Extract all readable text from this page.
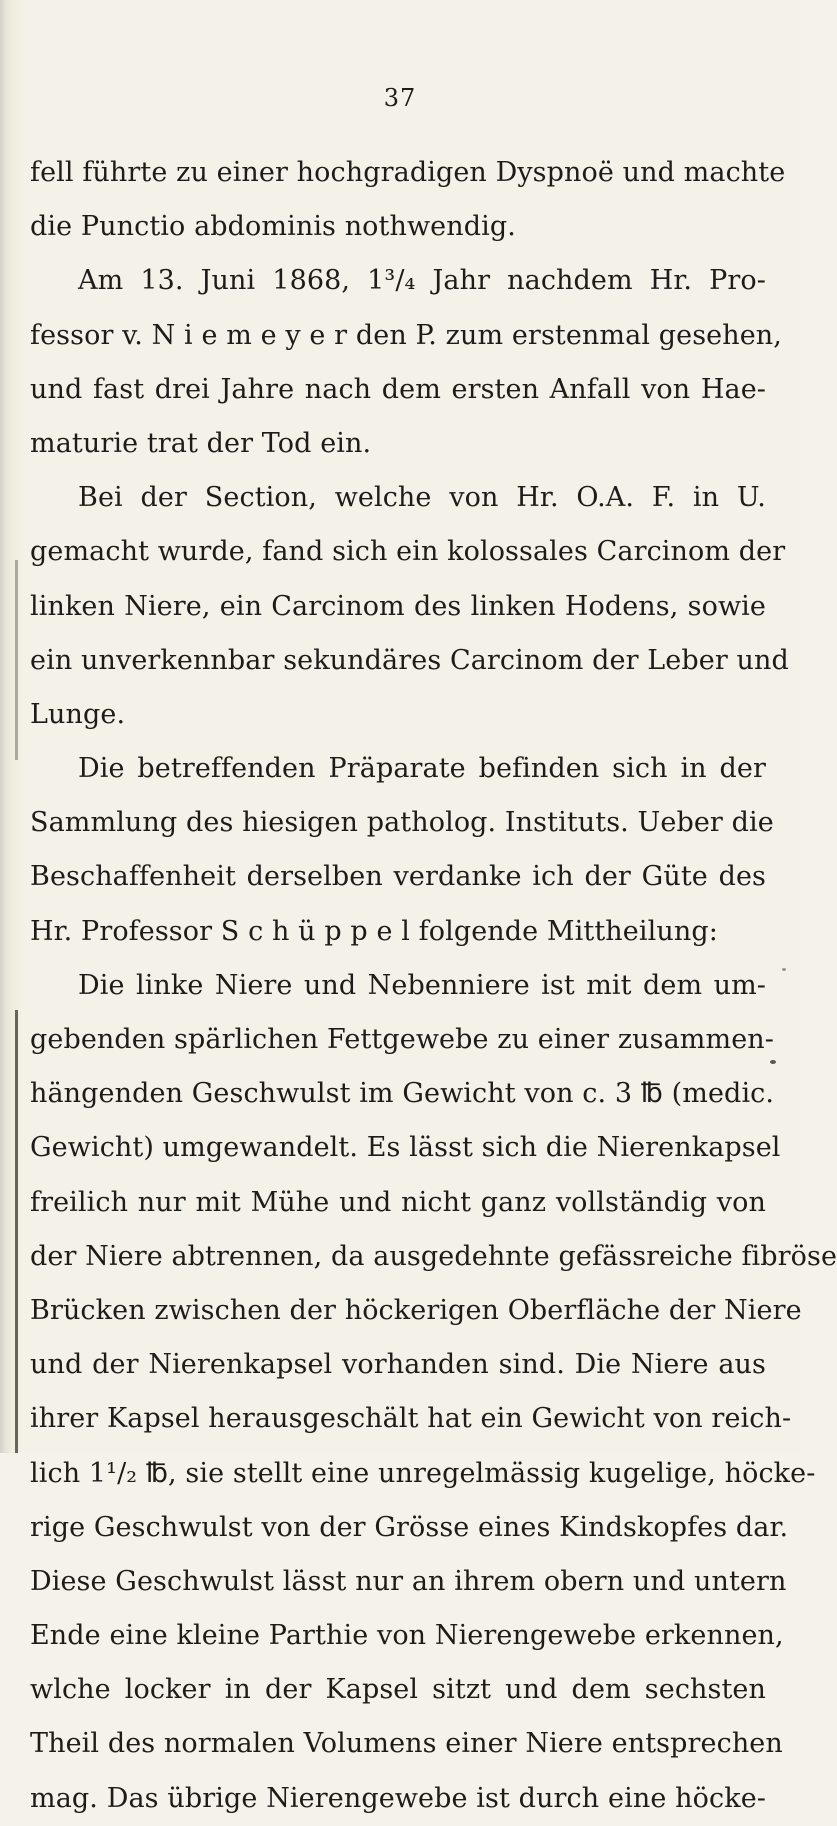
37
fell führte zu einer hochgradigen Dyspnoë und machte
die Punctio abdominis nothwendig.
Am 13. Juni 1868, 1³/₄ Jahr nachdem Hr. Pro-
fessor v. N i e m e y e r den P. zum erstenmal gesehen,
und fast drei Jahre nach dem ersten Anfall von Hae-
maturie trat der Tod ein.
Bei der Section, welche von Hr. O.A. F. in U.
gemacht wurde, fand sich ein kolossales Carcinom der
linken Niere, ein Carcinom des linken Hodens, sowie
ein unverkennbar sekundäres Carcinom der Leber und
Lunge.
Die betreffenden Präparate befinden sich in der
Sammlung des hiesigen patholog. Instituts. Ueber die
Beschaffenheit derselben verdanke ich der Güte des
Hr. Professor S c h ü p p e l folgende Mittheilung:
Die linke Niere und Nebenniere ist mit dem um-
gebenden spärlichen Fettgewebe zu einer zusammen-
hängenden Geschwulst im Gewicht von c. 3 ℔ (medic.
Gewicht) umgewandelt. Es lässt sich die Nierenkapsel
freilich nur mit Mühe und nicht ganz vollständig von
der Niere abtrennen, da ausgedehnte gefässreiche fibröse
Brücken zwischen der höckerigen Oberfläche der Niere
und der Nierenkapsel vorhanden sind. Die Niere aus
ihrer Kapsel herausgeschält hat ein Gewicht von reich-
lich 1¹/₂ ℔, sie stellt eine unregelmässig kugelige, höcke-
rige Geschwulst von der Grösse eines Kindskopfes dar.
Diese Geschwulst lässt nur an ihrem obern und untern
Ende eine kleine Parthie von Nierengewebe erkennen,
wlche locker in der Kapsel sitzt und dem sechsten
Theil des normalen Volumens einer Niere entsprechen
mag. Das übrige Nierengewebe ist durch eine höcke-
